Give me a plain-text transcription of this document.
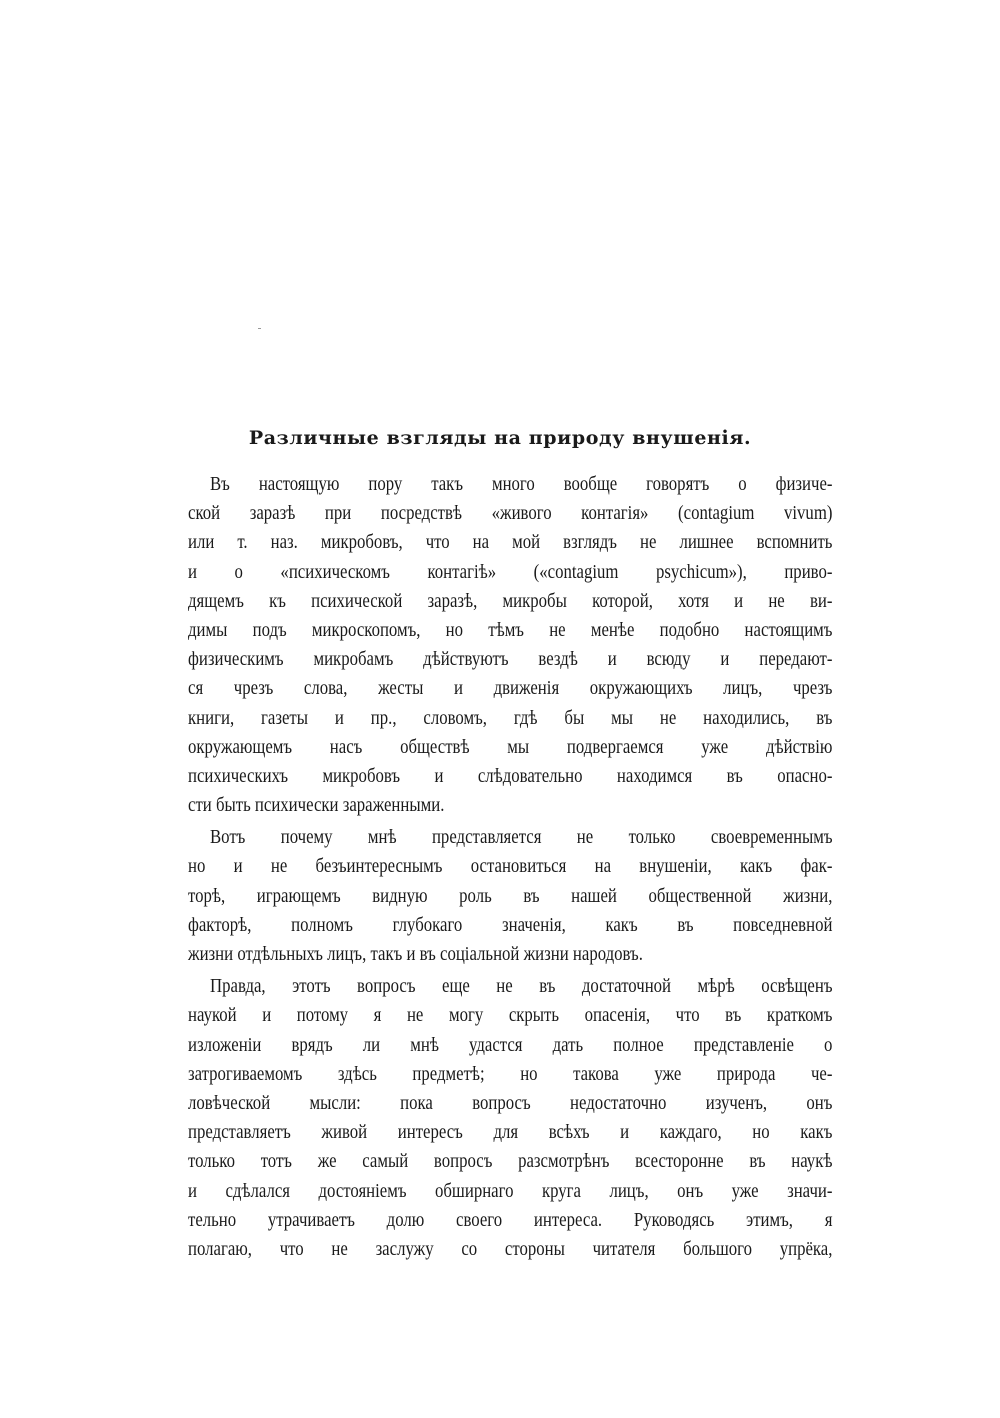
Различные взгляды на природу внушенія.
Въ настоящую пору такъ много вообще говорятъ о физиче-
ской заразѣ при посредствѣ «живого контагія» (contagium vivum)
или т. наз. микробовъ, что на мой взглядъ не лишнее вспомнить
и о «психическомъ контагіѣ» («contagium psychicum»), приво-
дящемъ къ психической заразѣ, микробы которой, хотя и не ви-
димы подъ микроскопомъ, но тѣмъ не менѣе подобно настоящимъ
физическимъ микробамъ дѣйствуютъ вездѣ и всюду и передают-
ся чрезъ слова, жесты и движенія окружающихъ лицъ, чрезъ
книги, газеты и пр., словомъ, гдѣ бы мы не находились, въ
окружающемъ насъ обществѣ мы подвергаемся уже дѣйствію
психическихъ микробовъ и слѣдовательно находимся въ опасно-
сти быть психически зараженными.
Вотъ почему мнѣ представляется не только своевременнымъ
но и не безъинтереснымъ остановиться на внушеніи, какъ фак-
торѣ, играющемъ видную роль въ нашей общественной жизни,
факторѣ, полномъ глубокаго значенія, какъ въ повседневной
жизни отдѣльныхъ лицъ, такъ и въ соціальной жизни народовъ.
Правда, этотъ вопросъ еще не въ достаточной мѣрѣ освѣщенъ
наукой и потому я не могу скрыть опасенія, что въ краткомъ
изложеніи врядъ ли мнѣ удастся дать полное представленіе о
затрогиваемомъ здѣсь предметѣ; но такова уже природа че-
ловѣческой мысли: пока вопросъ недостаточно изученъ, онъ
представляетъ живой интересъ для всѣхъ и каждаго, но какъ
только тотъ же самый вопросъ разсмотрѣнъ всесторонне въ наукѣ
и сдѣлался достояніемъ обширнаго круга лицъ, онъ уже значи-
тельно утрачиваетъ долю своего интереса. Руководясь этимъ, я
полагаю, что не заслужу со стороны читателя большого упрёка,
